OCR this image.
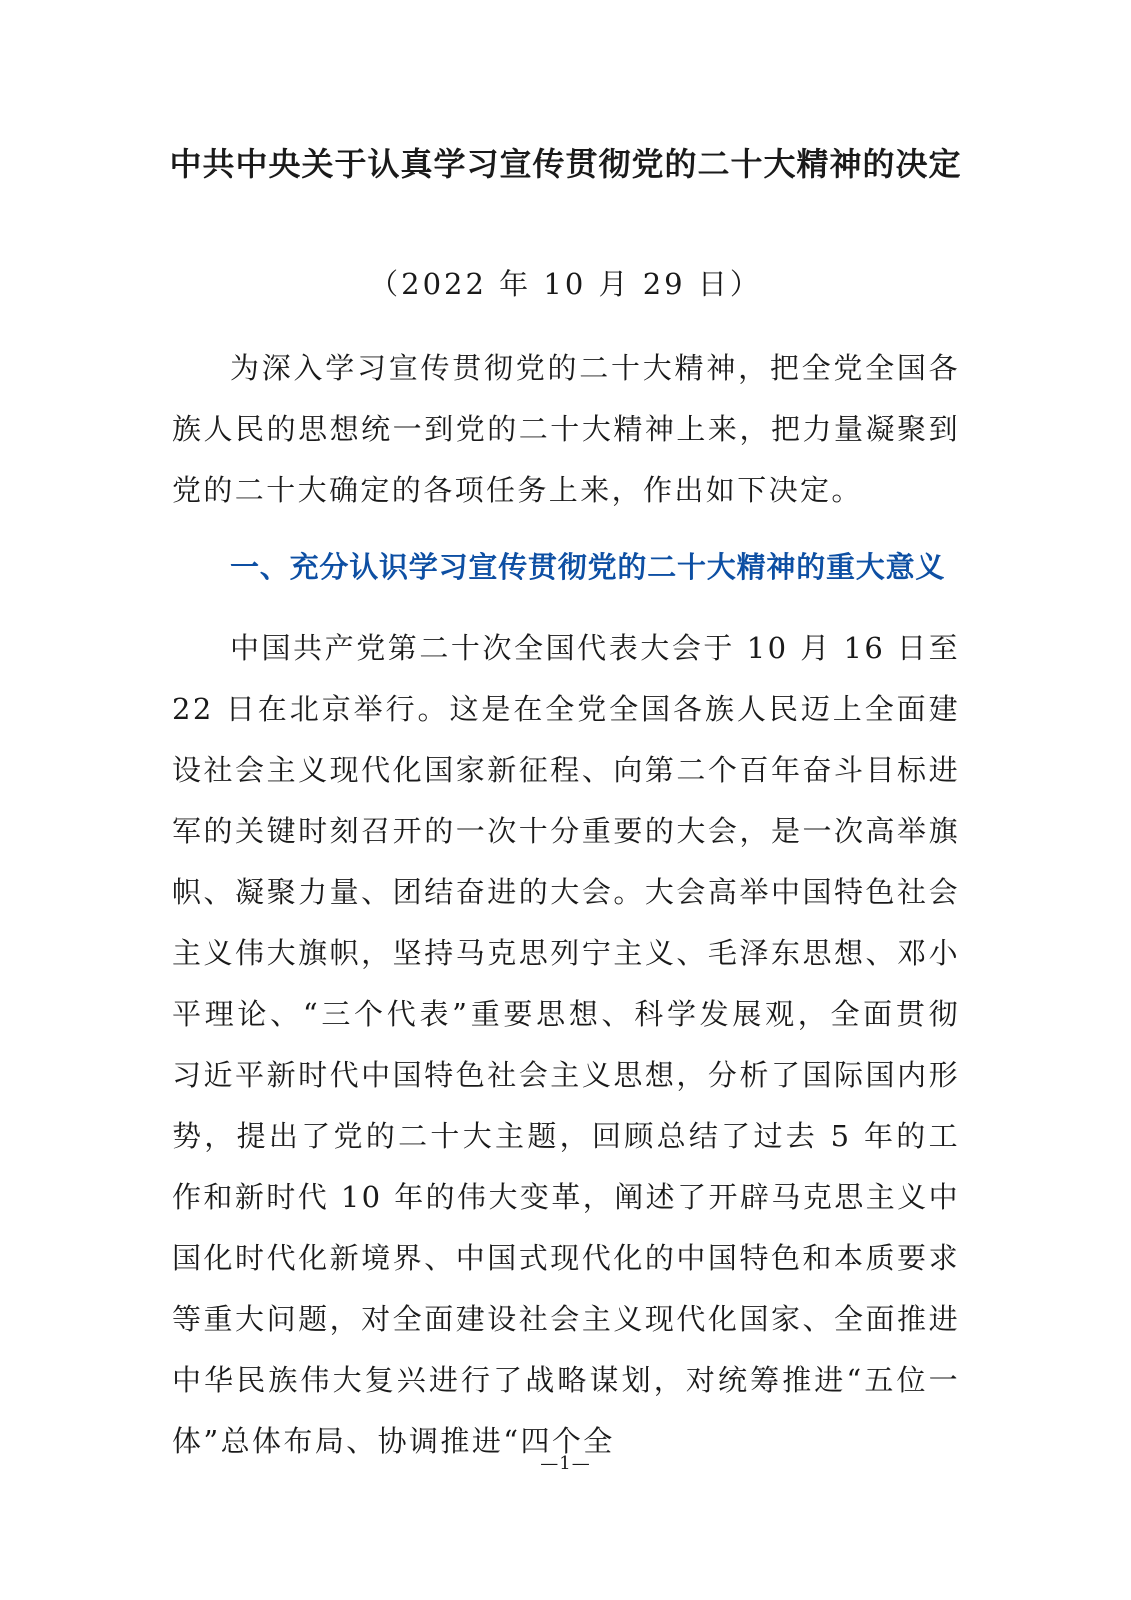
中共中央关于认真学习宣传贯彻党的二十大精神的决定

（2022 年 10 月 29 日）

为深入学习宣传贯彻党的二十大精神，把全党全国各族人民的思想统一到党的二十大精神上来，把力量凝聚到党的二十大确定的各项任务上来，作出如下决定。

一、充分认识学习宣传贯彻党的二十大精神的重大意义

中国共产党第二十次全国代表大会于 10 月 16 日至 22 日在北京举行。这是在全党全国各族人民迈上全面建设社会主义现代化国家新征程、向第二个百年奋斗目标进军的关键时刻召开的一次十分重要的大会，是一次高举旗帜、凝聚力量、团结奋进的大会。大会高举中国特色社会主义伟大旗帜，坚持马克思列宁主义、毛泽东思想、邓小平理论、“三个代表”重要思想、科学发展观，全面贯彻习近平新时代中国特色社会主义思想，分析了国际国内形势，提出了党的二十大主题，回顾总结了过去 5 年的工作和新时代 10 年的伟大变革，阐述了开辟马克思主义中国化时代化新境界、中国式现代化的中国特色和本质要求等重大问题，对全面建设社会主义现代化国家、全面推进中华民族伟大复兴进行了战略谋划，对统筹推进“五位一体”总体布局、协调推进“四个全

—1—
